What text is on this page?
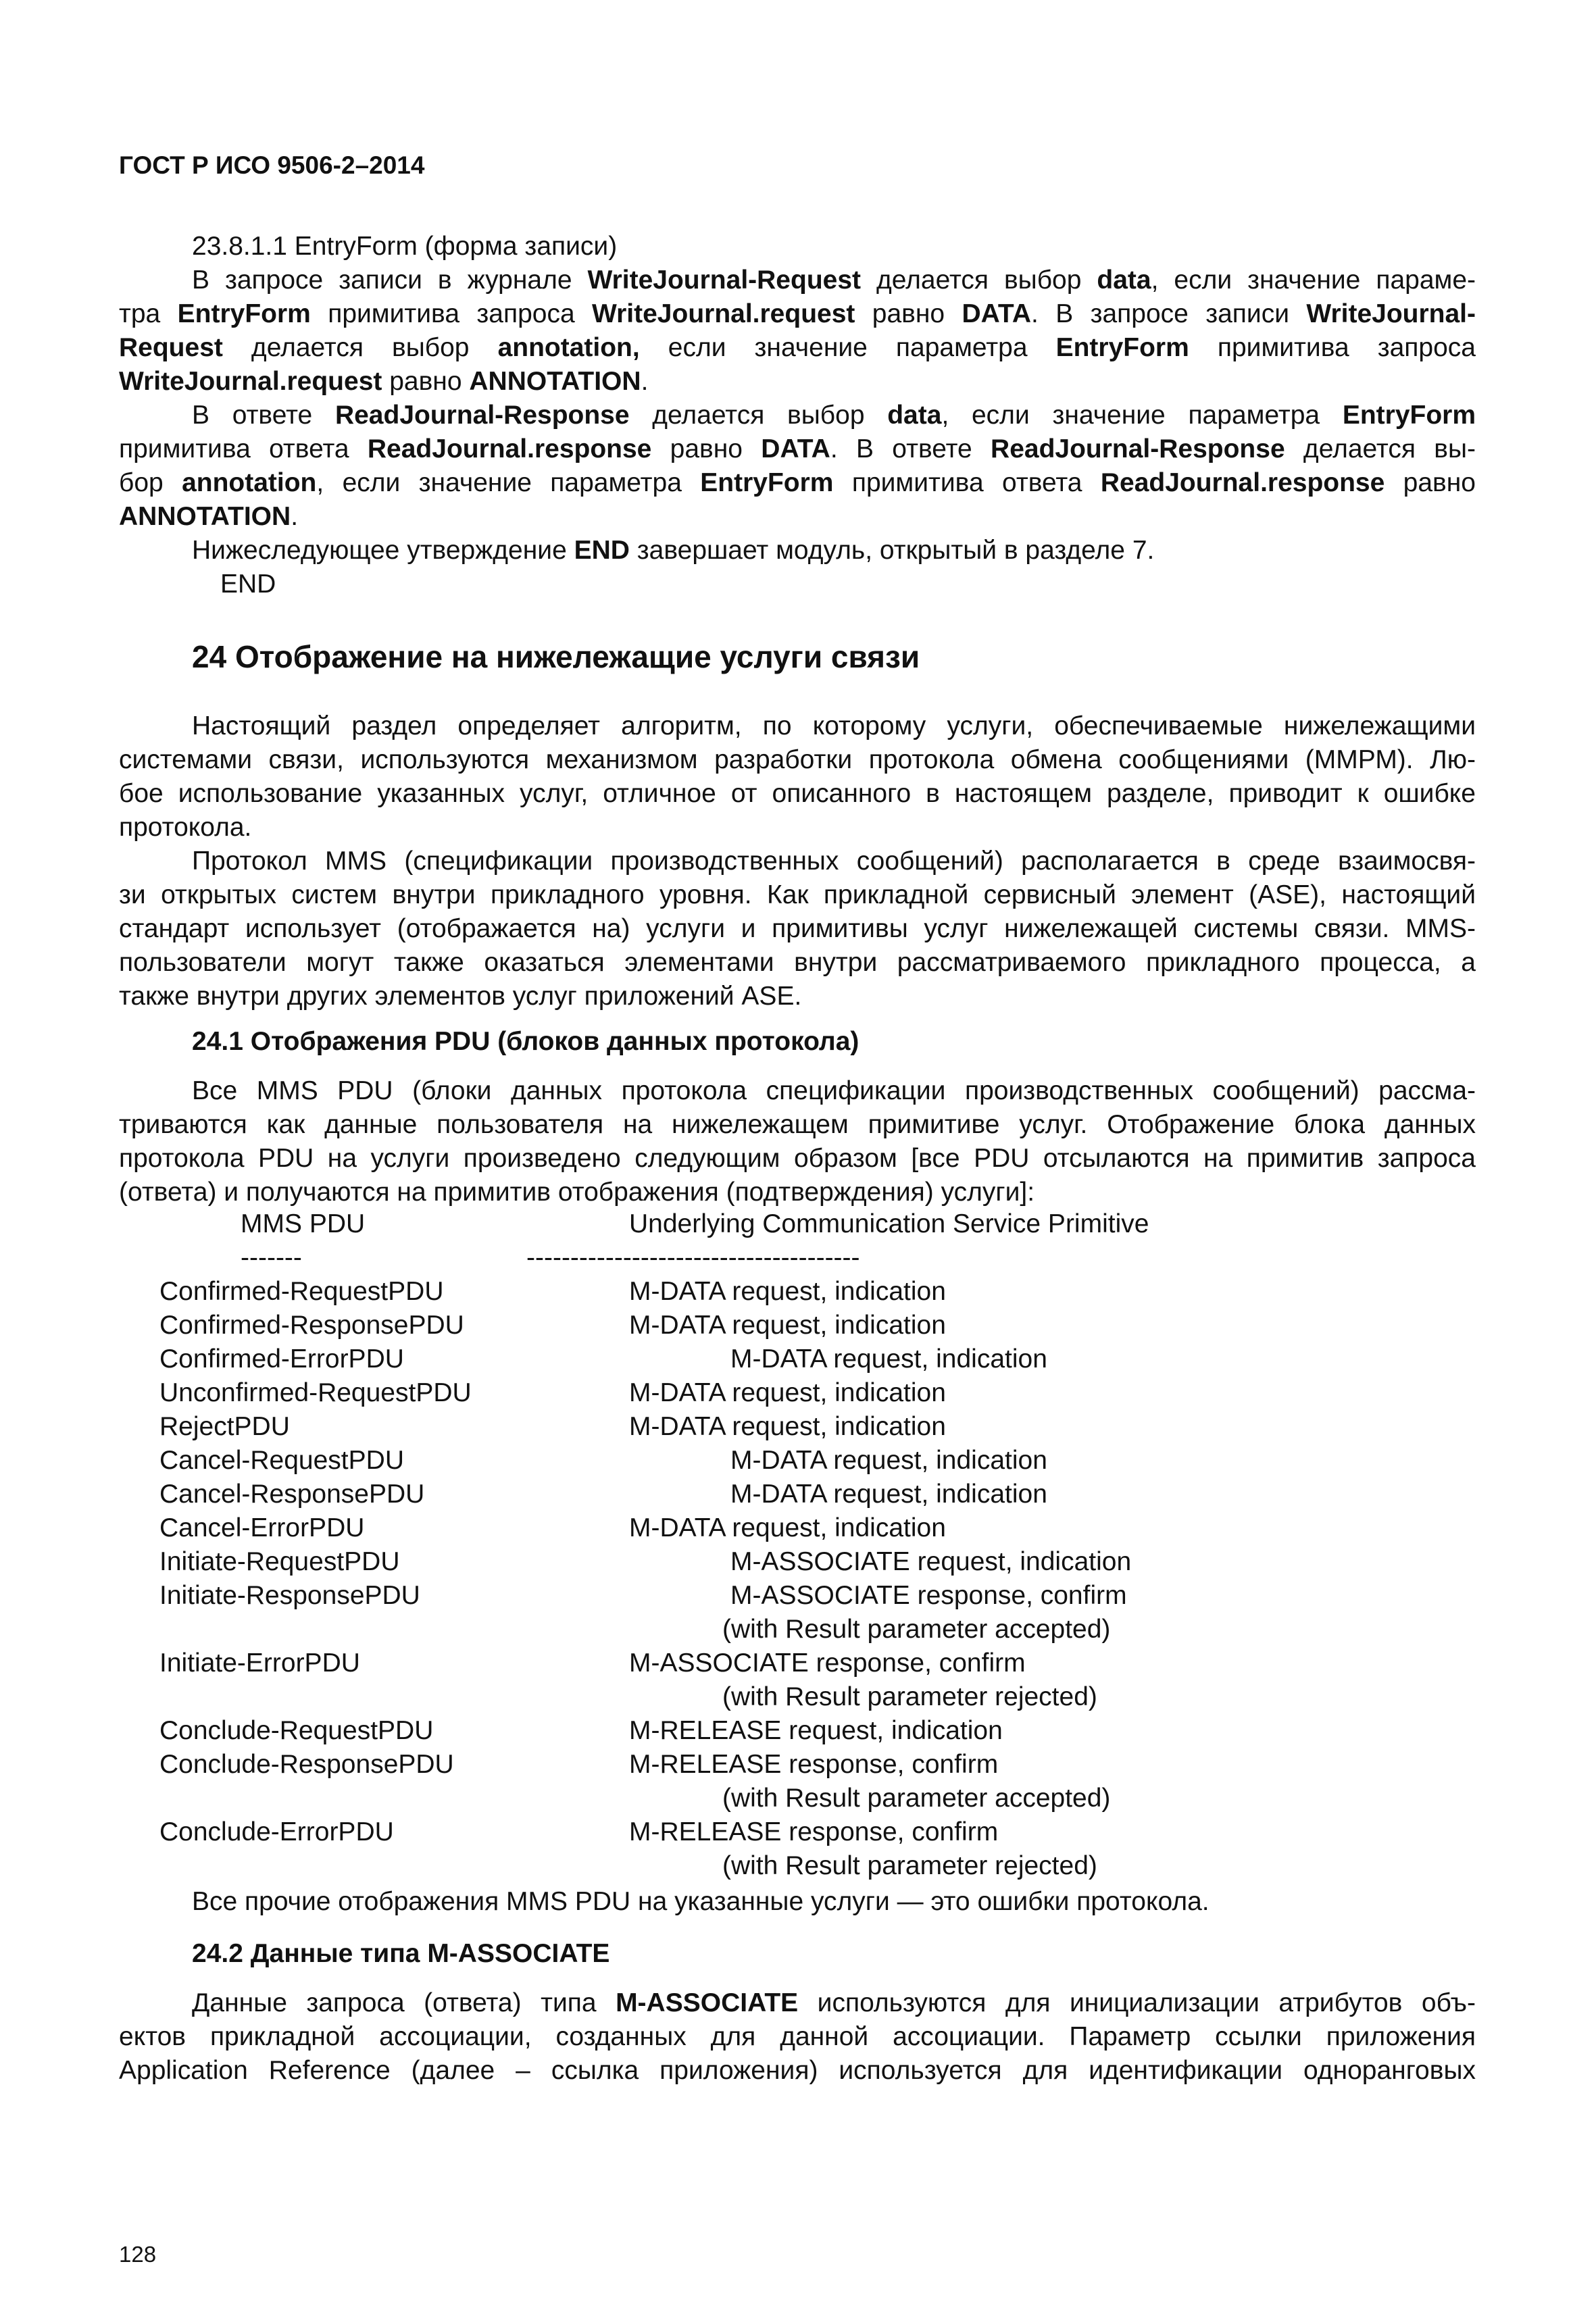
ГОСТ Р ИСО 9506-2–2014

23.8.1.1 EntryForm (форма записи)

В запросе записи в журнале WriteJournal-Request делается выбор data, если значение параме-

тра EntryForm примитива запроса WriteJournal.request равно DATA. В запросе записи WriteJournal-

Request делается выбор annotation, если значение параметра EntryForm примитива запроса

WriteJournal.request равно ANNOTATION.

В ответе ReadJournal-Response делается выбор data, если значение параметра EntryForm

примитива ответа ReadJournal.response равно DATA. В ответе ReadJournal-Response делается вы-

бор annotation, если значение параметра EntryForm примитива ответа ReadJournal.response равно

ANNOTATION.

Нижеследующее утверждение END завершает модуль, открытый в разделе 7.

END

24 Отображение на нижележащие услуги связи

Настоящий раздел определяет алгоритм, по которому услуги, обеспечиваемые нижележащими

системами связи, используются механизмом разработки протокола обмена сообщениями (ММРМ). Лю-

бое использование указанных услуг, отличное от описанного в настоящем разделе, приводит к ошибке

протокола.

Протокол MMS (спецификации производственных сообщений) располагается в среде взаимосвя-

зи открытых систем внутри прикладного уровня. Как прикладной сервисный элемент (ASE), настоящий

стандарт использует (отображается на) услуги и примитивы услуг нижележащей системы связи. MMS-

пользователи могут также оказаться элементами внутри рассматриваемого прикладного процесса, а

также внутри других элементов услуг приложений ASE.

24.1 Отображения PDU (блоков данных протокола)

Все MMS PDU (блоки данных протокола спецификации производственных сообщений) рассма-

триваются как данные пользователя на нижележащем примитиве услуг. Отображение блока данных

протокола PDU на услуги произведено следующим образом [все PDU отсылаются на примитив запроса

(ответа) и получаются на примитив отображения (подтверждения) услуги]:

MMS PDU	Underlying Communication Service Primitive
-------	--------------------------------------
Confirmed-RequestPDU	M-DATA request, indication
Confirmed-ResponsePDU	M-DATA request, indication
Confirmed-ErrorPDU	M-DATA request, indication
Unconfirmed-RequestPDU	M-DATA request, indication
RejectPDU	M-DATA request, indication
Cancel-RequestPDU	M-DATA request, indication
Cancel-ResponsePDU	M-DATA request, indication
Cancel-ErrorPDU	M-DATA request, indication
Initiate-RequestPDU	M-ASSOCIATE request, indication
Initiate-ResponsePDU	M-ASSOCIATE response, confirm
(with Result parameter accepted)
Initiate-ErrorPDU	M-ASSOCIATE response, confirm
(with Result parameter rejected)
Conclude-RequestPDU	M-RELEASE request, indication
Conclude-ResponsePDU	M-RELEASE response, confirm
(with Result parameter accepted)
Conclude-ErrorPDU	M-RELEASE response, confirm
(with Result parameter rejected)

Все прочие отображения MMS PDU на указанные услуги — это ошибки протокола.

24.2 Данные типа M-ASSOCIATE

Данные запроса (ответа) типа M-ASSOCIATE используются для инициализации атрибутов объ-

ектов прикладной ассоциации, созданных для данной ассоциации. Параметр ссылки приложения

Application Reference (далее – ссылка приложения) используется для идентификации одноранговых

128
